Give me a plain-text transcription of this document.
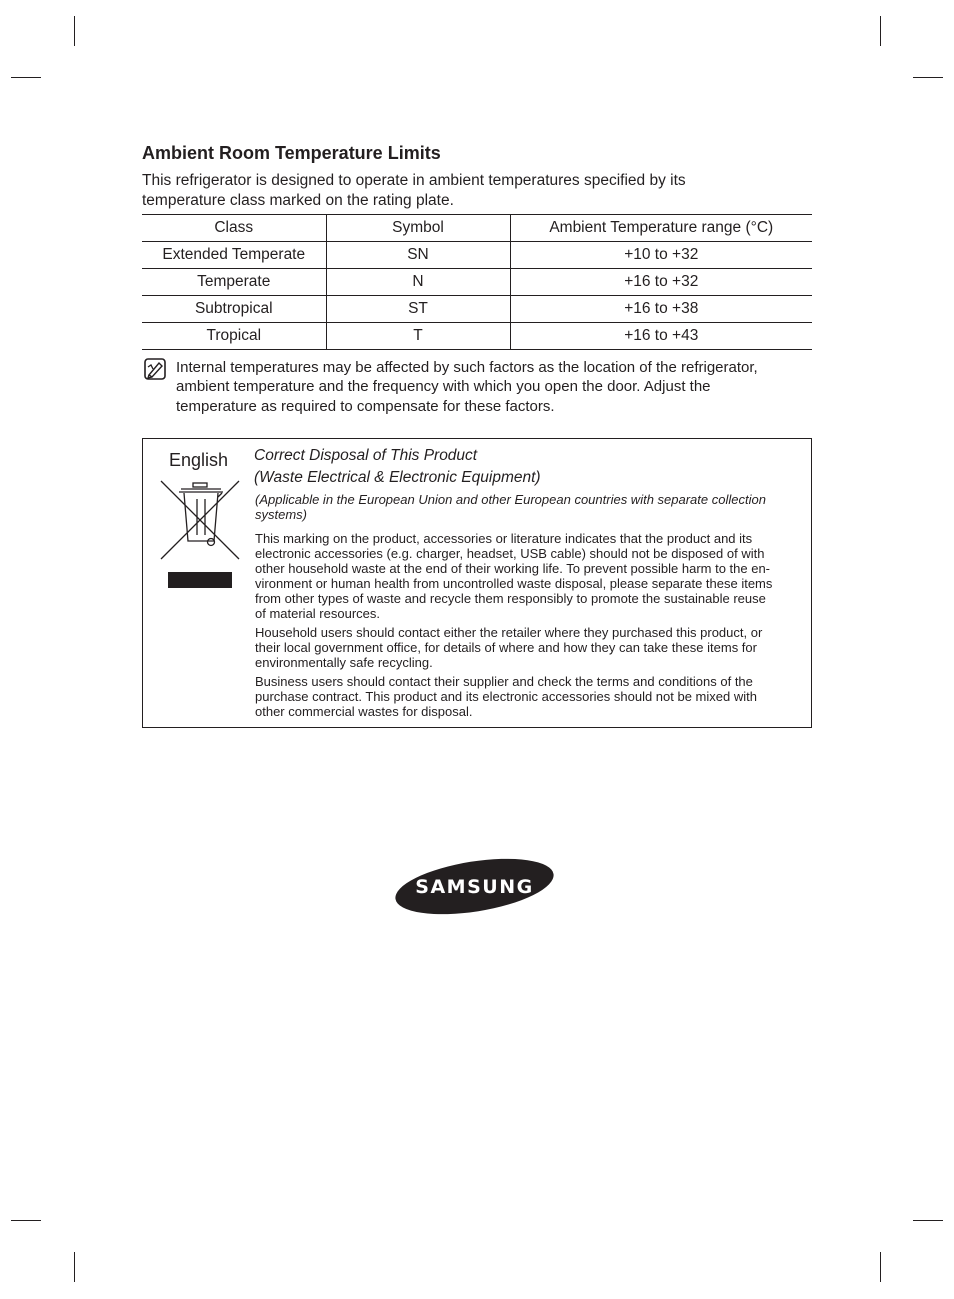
Ambient Room Temperature Limits

This refrigerator is designed to operate in ambient temperatures specified by its
temperature class marked on the rating plate.

Class	Symbol	Ambient Temperature range (°C)
Extended Temperate	SN	+10 to +32
Temperate	N	+16 to +32
Subtropical	ST	+16 to +38
Tropical	T	+16 to +43
Internal temperatures may be affected by such factors as the location of the refrigerator,
ambient temperature and the frequency with which you open the door. Adjust the
temperature as required to compensate for these factors.
English Correct Disposal of This Product
(Waste Electrical & Electronic Equipment)
(Applicable in the European Union and other European countries with separate collection
systems)

This marking on the product, accessories or literature indicates that the product and its
electronic accessories (e.g. charger, headset, USB cable) should not be disposed of with
other household waste at the end of their working life. To prevent possible harm to the en-
vironment or human health from uncontrolled waste disposal, please separate these items
from other types of waste and recycle them responsibly to promote the sustainable reuse
of material resources.

Household users should contact either the retailer where they purchased this product, or
their local government office, for details of where and how they can take these items for
environmentally safe recycling.

Business users should contact their supplier and check the terms and conditions of the
purchase contract. This product and its electronic accessories should not be mixed with
other commercial wastes for disposal.

SAMSUNG
